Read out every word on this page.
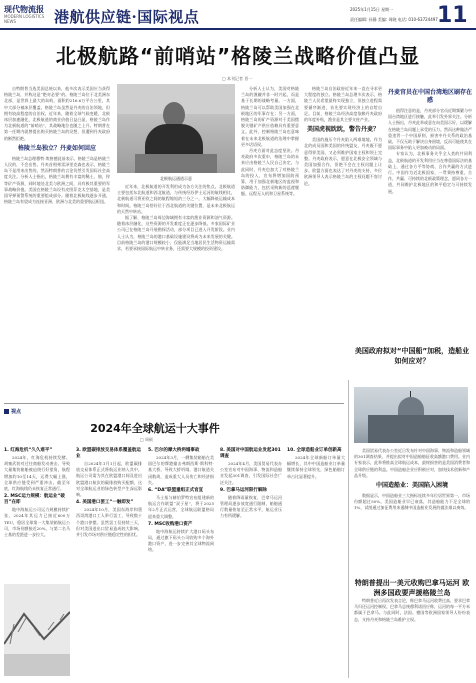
现代物流报
MODERN LOGISTICS NEWS	港航供应链·国际视点	2025年1月15日 星期一
责任编辑: 孙静 美编: 周晓 电话: 010-63724497 11
北极航路“前哨站”格陵兰战略价值凸显
□ 本刊记者 晋一

自特朗普当选美国总统以来，他多次表示美国应当获得格陵兰岛，并称这是“绝对必要”的。格陵兰岛位于北美洲东北部，是世界上最大的岛屿，面积约216.6万平方公里，其中大部分被冰层覆盖。格陵兰岛虽然是丹麦的自治领地，但拥有较高程度的自治权。近年来，随着全球气候变暖，北极冰层加速融化，北极航道的商业价值日益凸显，格陵兰岛作为北极航道的“前哨站”，其战略地位也随之上升。特朗普在第一任期内就曾提出购买格陵兰岛的设想，但遭到丹麦政府的断然拒绝。

格陵兰岛独立？丹麦如何回应

格陵兰岛总理穆特·埃格德此前表示，格陵兰岛是格陵兰人民的，不会出售。丹麦首相弗雷泽里克森也表示，格陵兰岛不是用来出售的。然而特朗普的言论仍然引发国际社会高度关注。分析人士指出，格陵兰岛拥有丰富的稀土、铀、锌等矿产资源，同时地处北美与欧洲之间，具有极其重要的军事战略价值。美国在格陵兰岛设有皮图菲克太空基地，是美国导弹预警系统的重要组成部分。随着北极航线逐步开通，格陵兰岛有望成为连接亚洲、欧洲与北美的重要航运枢纽。

北极航运通道示意

近年来，北极航道的开发利用成为各方关注的焦点。北极航道主要包括东北航道和西北航道，与传统经苏伊士运河的航线相比，北极航道可将亚欧之间的航程缩短约三分之一，大幅降低运输成本和时间。格陵兰岛恰好位于西北航道的关键位置，是未来北极航运的天然中转站。

据了解，格陵兰岛周边海域拥有丰富的渔业资源和油气资源。随着冰层融化，这些资源的开发难度正在逐步降低。多家国际矿业公司已在格陵兰岛开展勘探活动，部分项目已进入开发阶段。业内人士认为，格陵兰岛的港口基础设施建设将成为未来发展的关键。目前格陵兰岛的港口规模较小，仅能满足当地居民生活物资运输需求，若要承接国际航运中转业务，还需要大规模的投资建设。

分析人士认为，美国对格陵兰岛的觊觎并非一时兴起，而是基于长期的战略考量。一方面，格陵兰岛可以帮助美国加强在北极地区的军事存在；另一方面，格陵兰岛的矿产资源对于美国摆脱关键矿产供应依赖具有重要意义。此外，控制格陵兰岛也意味着在未来北极航道的治理中掌握更多话语权。

丹麦方面对此态度坚决。丹麦政府多次重申，格陵兰岛的未来应由格陵兰人民自己决定。与此同时，丹麦也加大了对格陵兰岛的投入，宣布将增加国防预算，用于加强北极地区的监视和防御能力，包括采购新的巡逻舰艇、远程无人机和卫星系统等。

格陵兰岛自治政府近年来一直在寻求更大程度的独立。格陵兰岛总理多次表示，格陵兰人民希望最终实现独立，但独立进程需要循序渐进，首先要实现经济上的自给自足。目前，格陵兰岛经济高度依赖丹麦政府的年度补贴，渔业是其主要支柱产业。

美国虎视眈眈，警告丹麦？

美国的施压令丹麦陷入两难境地。作为北约成员国和美国的传统盟友，丹麦既不愿意得罪美国，又必须维护国家主权和领土完整。丹麦政府表示，愿意在北极安全领域与美国加强合作，但绝不会在主权问题上让步。欧盟方面也表达了对丹麦的支持，多位欧洲领导人表示格陵兰岛的主权问题不容讨论。

丹麦官员在中国台湾地区刷存在感

值得注意的是，丹麦部分官员近期频繁与中国台湾地区进行接触，此举引发外界关注。分析人士指出，丹麦此举或意在向美国示好，以缓解在格陵兰岛问题上承受的压力。然而这种做法严重违背一个中国原则，损害中丹关系的政治基础，不仅无助于解决自身困境，反而可能使其在国际事务中陷入更加被动的局面。

专家认为，北极事务关乎全人类的共同利益，北极航道的开发利用应当在尊重国际法的基础上，通过各方平等协商、合作共赢的方式进行。中国作为近北极国家，一贯秉持尊重、合作、共赢、可持续的北极政策理念，愿同各方一道，共同维护北极地区的和平稳定与可持续发展。

视点
2024年全球航运十大事件
□ 周硕
1. 红海危机“久久难平”

2024年，红海危机持续发酵。胡塞武装对过往商船发动袭击，导致大量集装箱船被迫绕行好望角，航程增加约10至14天，运费大幅上涨，全球供应链受到严重冲击。截至年底，红海航线仍未恢复正常通行。

2. MSC运力规模：航运业“破百”在即

地中海航运公司运力规模持续扩张，2024年其运力已接近600万TEU，稳居全球第一大集装箱航运公司，市场份额接近20%，与第二名马士基的差距进一步拉大。

3. 欧盟碳排放交易体系覆盖航运业

自2024年1月1日起，欧盟碳排放交易体系正式将航运业纳入其中，航运公司需为其在欧盟港口间及进出欧盟港口航次的碳排放购买配额，这对全球航运业的绿色转型产生深远影响。

4. 美国港口罢工“一触即发”

2024年10月，美国东海岸和墨西哥湾港口工人举行罢工，导致数十个港口停摆。虽然罢工仅持续三天，但对美国进出口贸易造成较大影响，并引发市场对供应链稳定性的担忧。

5. 巴尔的摩大桥坍塌事故

2024年3月，一艘集装箱船在美国巴尔的摩港撞击弗朗西斯·斯科特·基大桥，导致大桥坍塌，港口航道关闭数周，造成重大人员伤亡和经济损失。

6. “DA”联盟重组正式官宣

马士基与赫伯罗特宣布组建新的航运合作联盟“双子星”，将于2025年2月正式运营，全球航运联盟格局迎来重大调整。

7. MSC收购港口资产

地中海航运持续扩大港口码头布局，通过旗下码头公司收购多个海外港口资产，进一步完善其全球物流网络。

8. 美国对中国航运业发起301调查

2024年4月，美国贸易代表办公室宣布对中国海事、物流和造船业发起301调查，引发国际社会广泛关注。

9. 巴拿马运河限行解除

随着降雨量恢复，巴拿马运河管理局逐步放宽通行限制，船舶通行数量恢复至正常水平，航运业压力有所缓解。

10. 全球造船业订单创新高

2024年全球新船订单量大幅增长，其中中国造船业订单量继续保持全球领先，绿色船舶订单占比显著提升。

美国政府拟对“中国船”加税，造船业如何应对？

美国贸易代表办公室近日发布针对中国海事、物流和造船领域的301调查结果，并提出拟对中国造船舶征收高额港口费用。业内专家表示，此举将推高全球航运成本，最终损害的是美国消费者和全球供应链的利益。中国造船企业应积极应对，加快技术创新和产品升级。

中国造船业：美国陷入困境

数据显示，中国造船业三大指标连续多年位居世界第一，市场份额超过50%。美国造船业早已衰落，其造船能力不足全球的1%，试图通过加征费用来遏制中国造船业发展的做法难以奏效。

特朗普提出一美元收购巴拿马运河 欧洲多国政要声援格陵兰岛

特朗普近日再次发表言论，称巴拿马运河收费过高，要求巴拿马归还运河控制权。巴拿马总统穆利诺回应称，运河的每一平方米都属于巴拿马。与此同时，法国、德国等欧洲国家领导人纷纷表态，支持丹麦和格陵兰岛维护主权。
